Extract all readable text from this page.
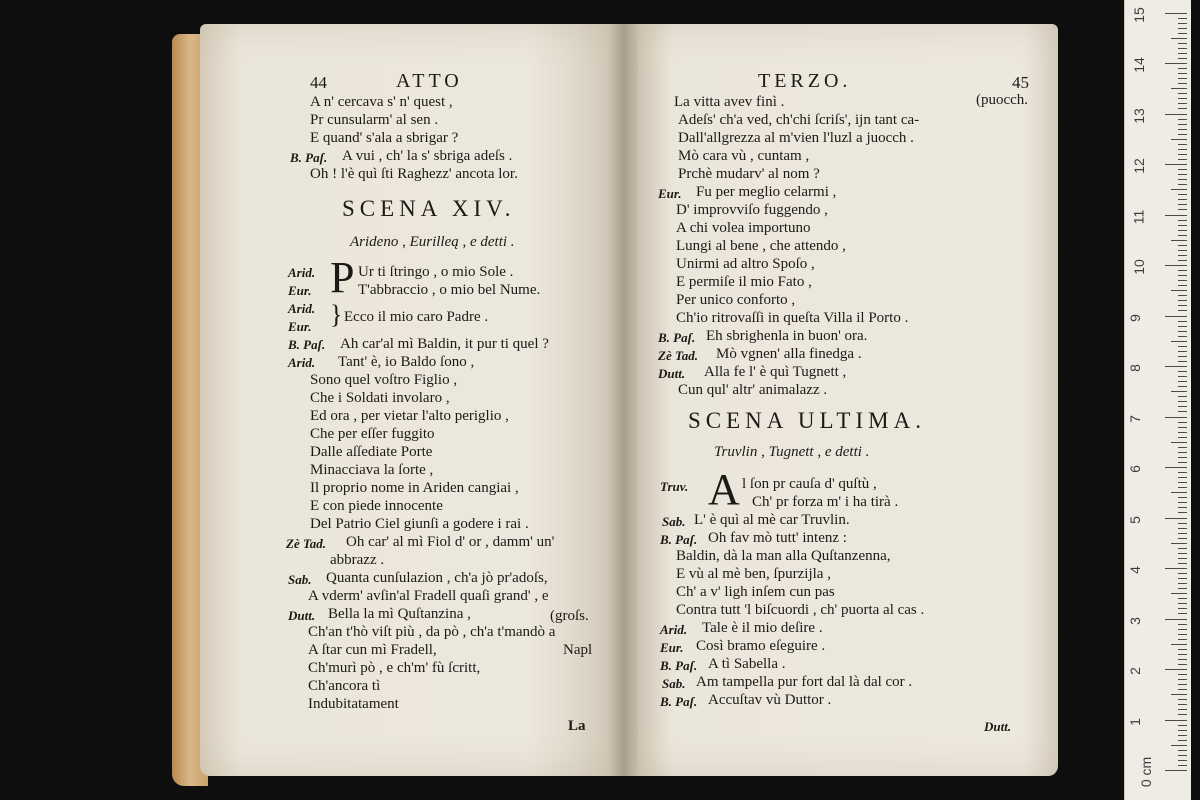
44	ATTO
A n' cercava s' n' quest ,
Pr cunsularm' al sen .
E quand' s'ala a sbrigar ?
B. Paſ. A vui , ch' la s' sbriga adeſs .
Oh ! l'è quì ſti Raghezz' ancota lor.
SCENA XIV.
Arideno , Eurilleą , e detti .
Arid. P Ur ti ſtringo , o mio Sole .
Eur.	T'abbraccio , o mio bel Nume.
Arid.
Eur. } Ecco il mio caro Padre .
B. Paſ. Ah car'al mì Baldin, it pur ti quel ?
Arid. Tant' è, io Baldo ſono ,
Sono quel voſtro Figlio ,
Che i Soldati involaro ,
Ed ora , per vietar l'alto periglio ,
Che per eſſer fuggito
Dalle aſſediate Porte
Minacciava la ſorte ,
Il proprio nome in Ariden cangiai ,
E con piede innocente
Del Patrio Ciel giunſi a godere i rai .
Zè Tad. Oh car' al mì Fiol d' or , damm' un'
abbrazz .
Sab. Quanta cunſulazion , ch'a jò pr'adoſs,
A vderm' avſin'al Fradell quaſi grand' , e
Dutt. Bella la mì Quſtanzina ,	(groſs.
Ch'an t'hò viſt più , da pò , ch'a t'mandò a
A ſtar cun mì Fradell,	Napl
Ch'murì pò , e ch'm' fù ſcritt,
Ch'ancora tì
Indubitatament
La
TERZO.	45
La vitta avev finì .	(puocch.
Adeſs' ch'a ved, ch'chi ſcriſs', ijn tant ca-
Dall'allgrezza al m'vien l'luzl a juocch .
Mò cara vù , cuntam ,
Prchè mudarv' al nom ?
Eur. Fu per meglio celarmi ,
D' improvviſo fuggendo ,
A chi volea importuno
Lungi al bene , che attendo ,
Unirmi ad altro Spoſo ,
E permiſe il mio Fato ,
Per unico conforto ,
Ch'io ritrovaſſi in queſta Villa il Porto .
B. Paſ. Eh sbrighenla in buon' ora.
Zè Tad. Mò vgnen' alla finedga .
Dutt. Alla fe l' è quì Tugnett ,
Cun qul' altr' animalazz .
SCENA ULTIMA.
Truvlin , Tugnett , e detti .
Truv. A l ſon pr cauſa d' quſtù ,
Ch' pr forza m' i ha tirà .
Sab. L' è quì al mè car Truvlin.
B. Paſ. Oh fav mò tutt' intenz :
Baldin, dà la man alla Quſtanzenna,
E vù al mè ben, ſpurzijla ,
Ch' a v' ligh inſem cun pas
Contra tutt 'l biſcuordi , ch' puorta al cas .
Arid. Tale è il mio deſire .
Eur. Così bramo eſeguire .
B. Paſ. A tì Sabella .
Sab. Am tampella pur fort dal là dal cor .
B. Paſ. Accuſtav vù Duttor .
Dutt.
0 cm
1
2
3
4
5
6
7
8
9
10
11
12
13
14
15
